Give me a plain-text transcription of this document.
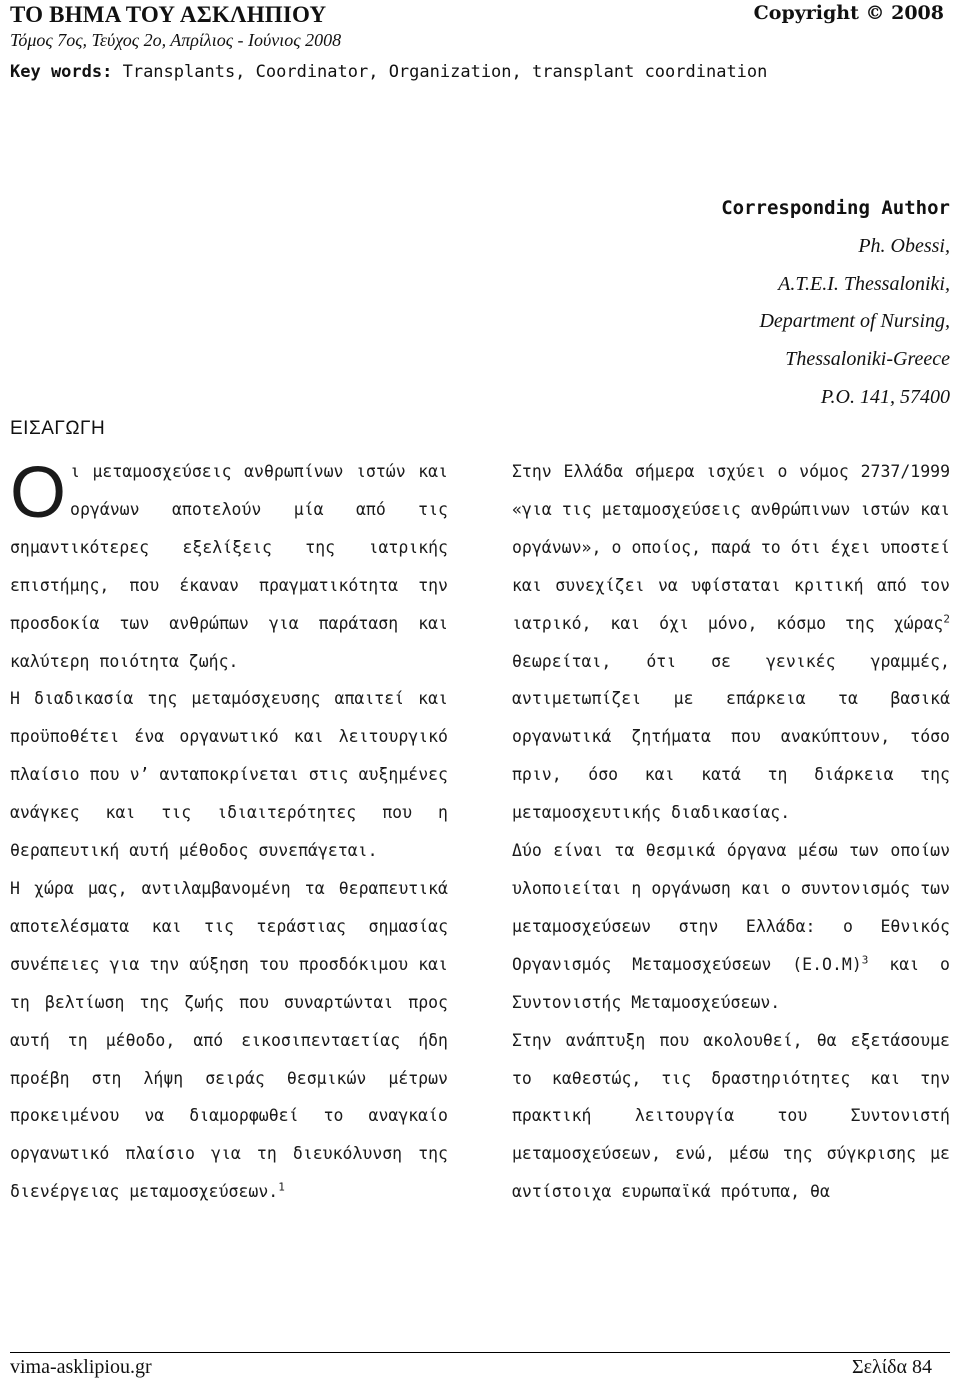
ΤΟ ΒΗΜΑ ΤΟΥ ΑΣΚΛΗΠΙΟΥ	Copyright © 2008
Τόμος 7ος, Τεύχος 2ο, Απρίλιος - Ιούνιος 2008
Key words: Transplants, Coordinator, Organization, transplant coordination
Corresponding Author
Ph. Obessi,
A.T.E.I. Thessaloniki,
Department of Nursing,
Thessaloniki-Greece
P.O. 141, 57400
ΕΙΣΑΓΩΓΗ

Οι μεταμοσχεύσεις ανθρωπίνων ιστών και οργάνων αποτελούν μία από τις σημαντικότερες εξελίξεις της ιατρικής επιστήμης, που έκαναν πραγματικότητα την προσδοκία των ανθρώπων για παράταση και καλύτερη ποιότητα ζωής.

Η διαδικασία της μεταμόσχευσης απαιτεί και προϋποθέτει ένα οργανωτικό και λειτουργικό πλαίσιο που ν’ ανταποκρίνεται στις αυξημένες ανάγκες και τις ιδιαιτερότητες που η θεραπευτική αυτή μέθοδος συνεπάγεται.

Η χώρα μας, αντιλαμβανομένη τα θεραπευτικά αποτελέσματα και τις τεράστιας σημασίας συνέπειες για την αύξηση του προσδόκιμου και τη βελτίωση της ζωής που συναρτώνται προς αυτή τη μέθοδο, από εικοσιπενταετίας ήδη προέβη στη λήψη σειράς θεσμικών μέτρων προκειμένου να διαμορφωθεί το αναγκαίο οργανωτικό πλαίσιο για τη διευκόλυνση της διενέργειας μεταμοσχεύσεων.$^1$

Στην Ελλάδα σήμερα ισχύει ο νόμος 2737/1999 «για τις μεταμοσχεύσεις ανθρώπινων ιστών και οργάνων», ο οποίος, παρά το ότι έχει υποστεί και συνεχίζει να υφίσταται κριτική από τον ιατρικό, και όχι μόνο, κόσμο της χώρας$^2$ θεωρείται, ότι σε γενικές γραμμές, αντιμετωπίζει με επάρκεια τα βασικά οργανωτικά ζητήματα που ανακύπτουν, τόσο πριν, όσο και κατά τη διάρκεια της μεταμοσχευτικής διαδικασίας.

Δύο είναι τα θεσμικά όργανα μέσω των οποίων υλοποιείται η οργάνωση και ο συντονισμός των μεταμοσχεύσεων στην Ελλάδα: ο Εθνικός Οργανισμός Μεταμοσχεύσεων $(E.O.M)^3$ και ο Συντονιστής Μεταμοσχεύσεων.

Στην ανάπτυξη που ακολουθεί, θα εξετάσουμε το καθεστώς, τις δραστηριότητες και την πρακτική λειτουργία του Συντονιστή μεταμοσχεύσεων, ενώ, μέσω της σύγκρισης με αντίστοιχα ευρωπαϊκά πρότυπα, θα

vima-asklipiou.gr	Σελίδα 84
